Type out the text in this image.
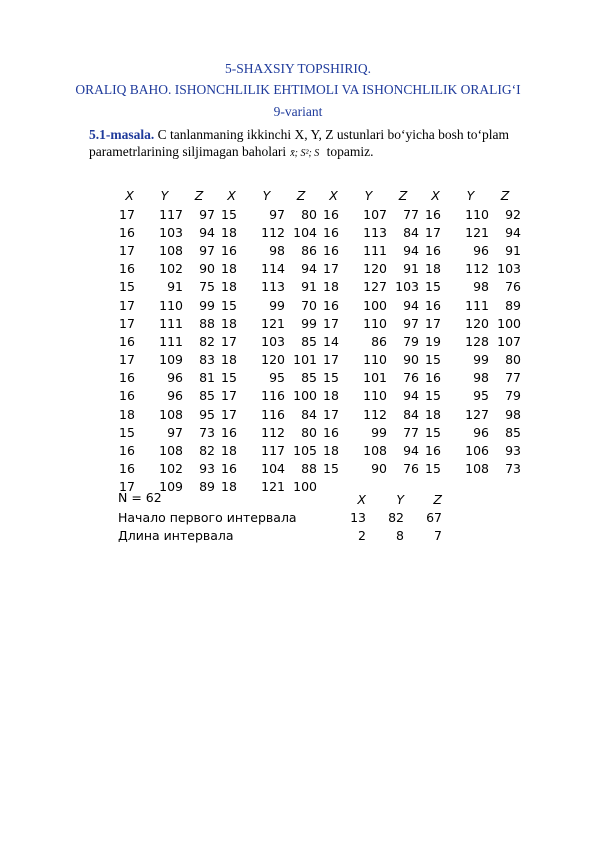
5-SHAXSIY TOPSHIRIQ.
ORALIQ BAHO. ISHONCHLILIK EHTIMOLI VA ISHONCHLILIK ORALIG‘I
9-variant
5.1-masala. C tanlanmaning ikkinchi X, Y, Z ustunlari bo‘yicha bosh to‘plam
parametrlarining siljimagan baholari x̄; S²; S topamiz.
X	Y	Z	X	Y	Z	X	Y	Z	X	Y	Z
17	117	97	15	97	80	16	107	77	16	110	92
16	103	94	18	112	104	16	113	84	17	121	94
17	108	97	16	98	86	16	111	94	16	96	91
16	102	90	18	114	94	17	120	91	18	112	103
15	91	75	18	113	91	18	127	103	15	98	76
17	110	99	15	99	70	16	100	94	16	111	89
17	111	88	18	121	99	17	110	97	17	120	100
16	111	82	17	103	85	14	86	79	19	128	107
17	109	83	18	120	101	17	110	90	15	99	80
16	96	81	15	95	85	15	101	76	16	98	77
16	96	85	17	116	100	18	110	94	15	95	79
18	108	95	17	116	84	17	112	84	18	127	98
15	97	73	16	112	80	16	99	77	15	96	85
16	108	82	18	117	105	18	108	94	16	106	93
16	102	93	16	104	88	15	90	76	15	108	73
17	109	89	18	121	100						
N = 62
		X	Y	Z
Начало первого интервала	13	82	67
Длина интервала	2	8	7
